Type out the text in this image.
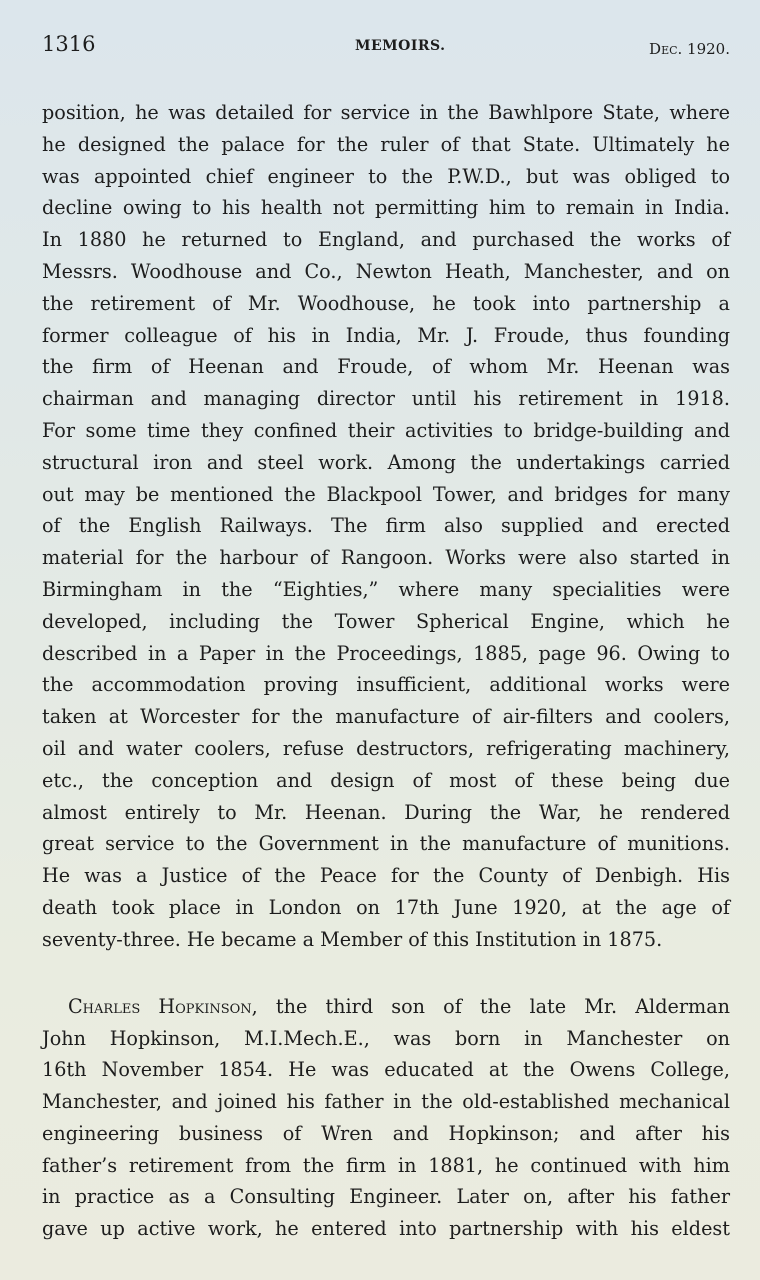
1316	MEMOIRS.	Dec. 1920.
position, he was detailed for service in the Bawhlpore State, where
he designed the palace for the ruler of that State. Ultimately he
was appointed chief engineer to the P.W.D., but was obliged to
decline owing to his health not permitting him to remain in India.
In 1880 he returned to England, and purchased the works of
Messrs. Woodhouse and Co., Newton Heath, Manchester, and on
the retirement of Mr. Woodhouse, he took into partnership a
former colleague of his in India, Mr. J. Froude, thus founding
the firm of Heenan and Froude, of whom Mr. Heenan was
chairman and managing director until his retirement in 1918.
For some time they confined their activities to bridge-building and
structural iron and steel work. Among the undertakings carried
out may be mentioned the Blackpool Tower, and bridges for many
of the English Railways. The firm also supplied and erected
material for the harbour of Rangoon. Works were also started in
Birmingham in the “Eighties,” where many specialities were
developed, including the Tower Spherical Engine, which he
described in a Paper in the Proceedings, 1885, page 96. Owing to
the accommodation proving insufficient, additional works were
taken at Worcester for the manufacture of air-filters and coolers,
oil and water coolers, refuse destructors, refrigerating machinery,
etc., the conception and design of most of these being due
almost entirely to Mr. Heenan. During the War, he rendered
great service to the Government in the manufacture of munitions.
He was a Justice of the Peace for the County of Denbigh. His
death took place in London on 17th June 1920, at the age of
seventy-three. He became a Member of this Institution in 1875.
Charles Hopkinson, the third son of the late Mr. Alderman
John Hopkinson, M.I.Mech.E., was born in Manchester on
16th November 1854. He was educated at the Owens College,
Manchester, and joined his father in the old-established mechanical
engineering business of Wren and Hopkinson; and after his
father’s retirement from the firm in 1881, he continued with him
in practice as a Consulting Engineer. Later on, after his father
gave up active work, he entered into partnership with his eldest
